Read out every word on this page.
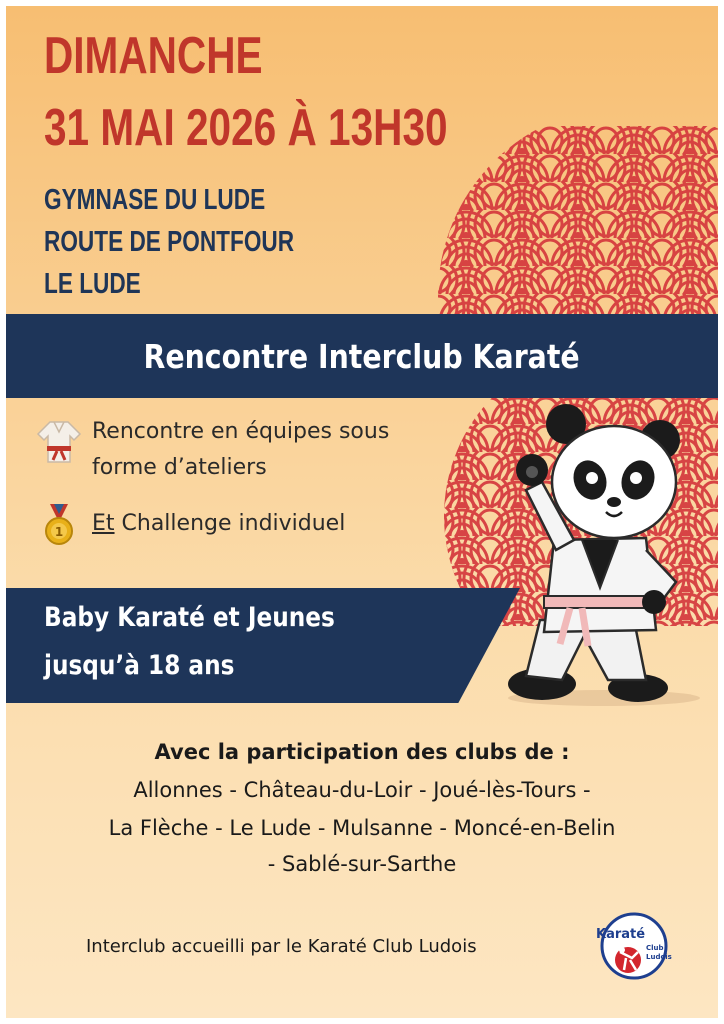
DIMANCHE
31 MAI 2026 À 13H30
GYMNASE DU LUDE
ROUTE DE PONTFOUR
LE LUDE
Rencontre Interclub Karaté
Rencontre en équipes sous
forme d’ateliers
1 Et Challenge individuel
Baby Karaté et Jeunes
jusqu’à 18 ans
Avec la participation des clubs de :
Allonnes - Château-du-Loir - Joué-lès-Tours -
La Flèche - Le Lude - Mulsanne - Moncé-en-Belin
- Sablé-sur-Sarthe
Interclub accueilli par le Karaté Club Ludois
Karaté
Club
Ludois
